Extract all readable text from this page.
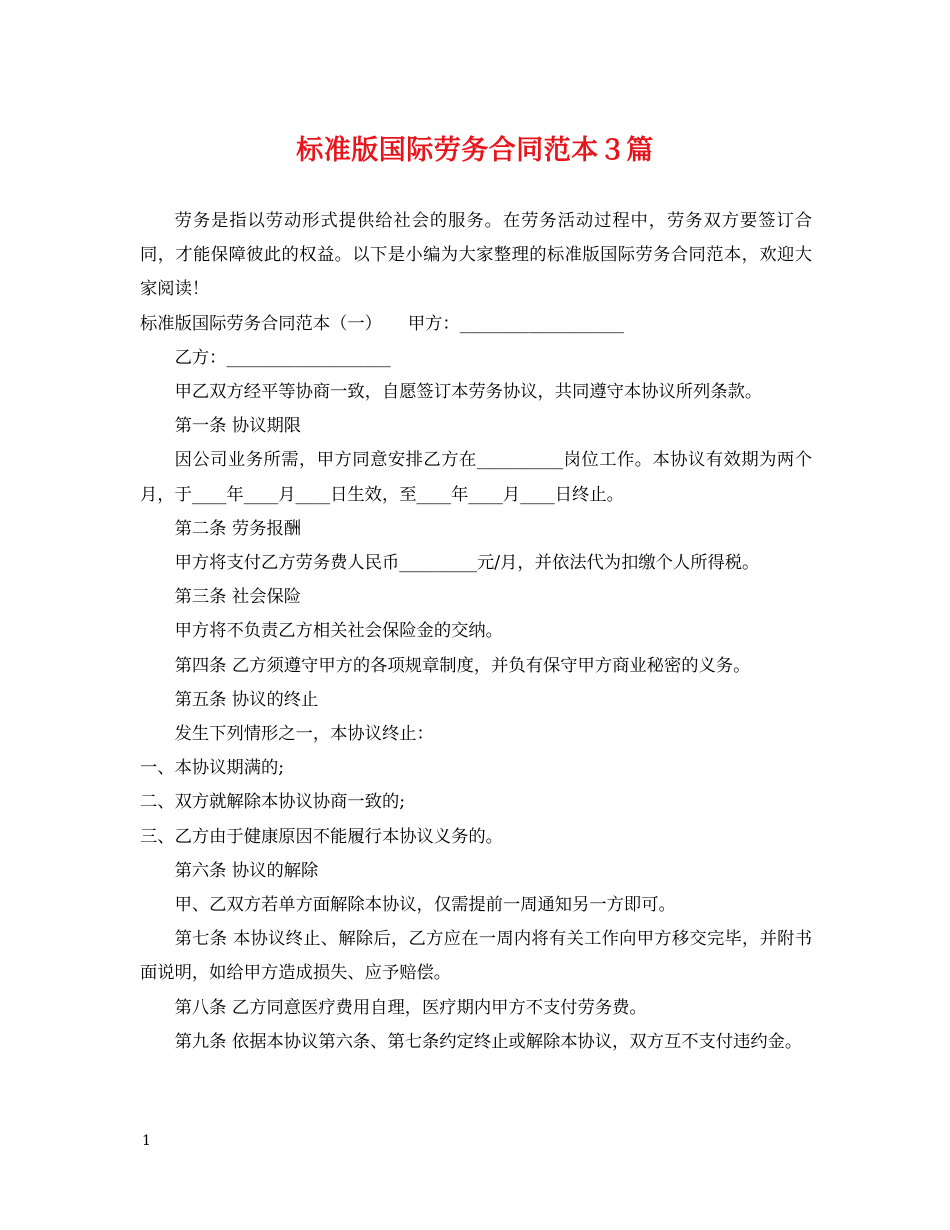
标准版国际劳务合同范本３篇

劳务是指以劳动形式提供给社会的服务。在劳务活动过程中，劳务双方要签订合同，才能保障彼此的权益。以下是小编为大家整理的标准版国际劳务合同范本，欢迎大家阅读！

标准版国际劳务合同范本（一）　　甲方：___________________

乙方：___________________

甲乙双方经平等协商一致，自愿签订本劳务协议，共同遵守本协议所列条款。

第一条 协议期限

因公司业务所需，甲方同意安排乙方在__________岗位工作。本协议有效期为两个月，于____年____月____日生效，至____年____月____日终止。

第二条 劳务报酬

甲方将支付乙方劳务费人民币_________元/月，并依法代为扣缴个人所得税。

第三条 社会保险

甲方将不负责乙方相关社会保险金的交纳。

第四条 乙方须遵守甲方的各项规章制度，并负有保守甲方商业秘密的义务。

第五条 协议的终止

发生下列情形之一，本协议终止：

一、本协议期满的;

二、双方就解除本协议协商一致的;

三、乙方由于健康原因不能履行本协议义务的。

第六条 协议的解除

甲、乙双方若单方面解除本协议，仅需提前一周通知另一方即可。

第七条 本协议终止、解除后，乙方应在一周内将有关工作向甲方移交完毕，并附书面说明，如给甲方造成损失、应予赔偿。

第八条 乙方同意医疗费用自理，医疗期内甲方不支付劳务费。

第九条 依据本协议第六条、第七条约定终止或解除本协议，双方互不支付违约金。

1
